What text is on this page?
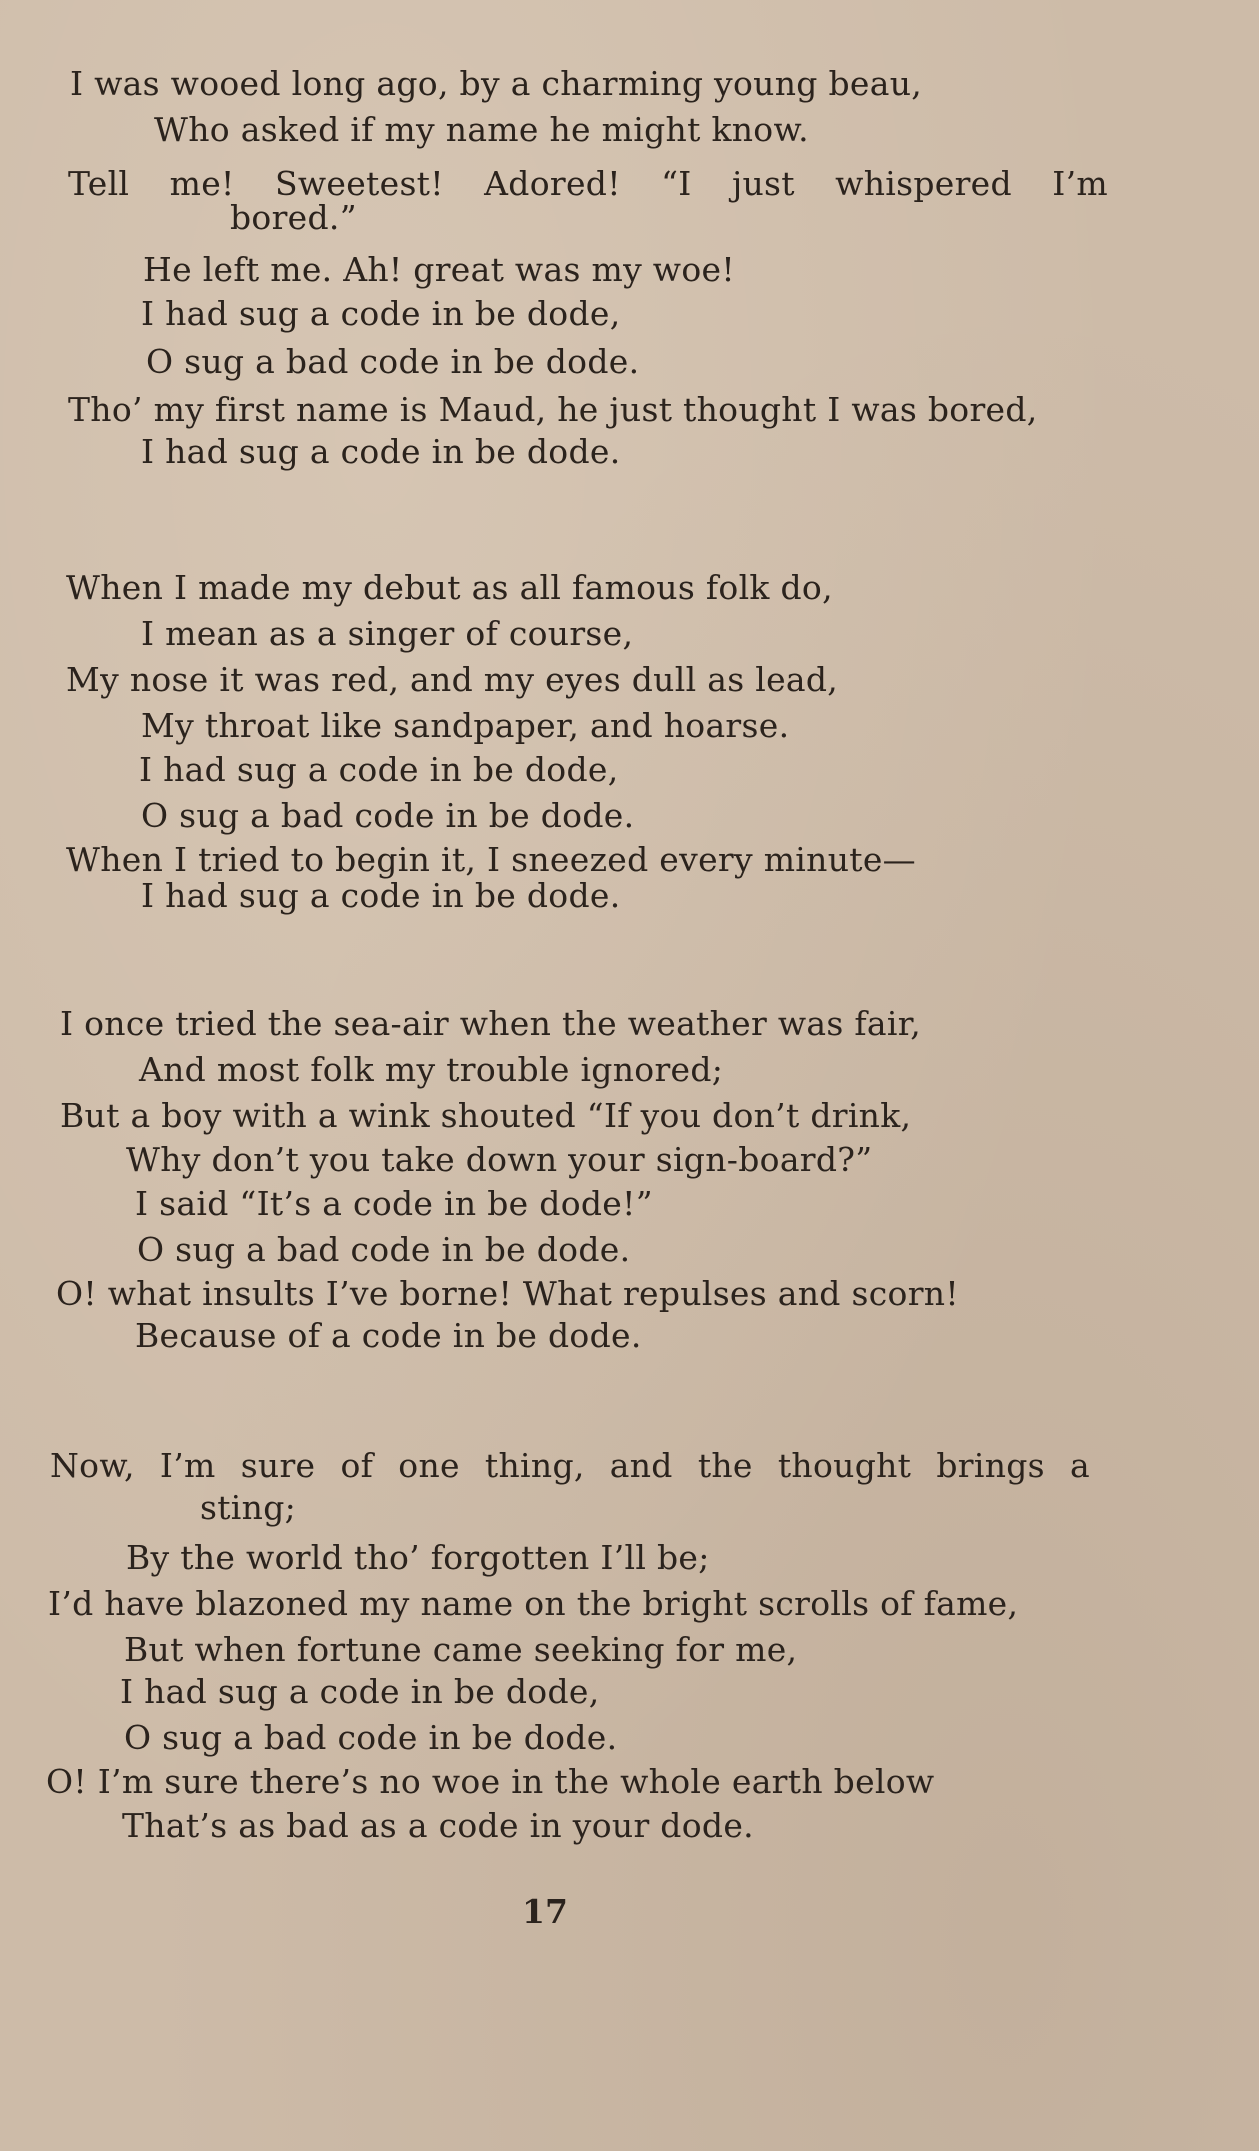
I was wooed long ago, by a charming young beau,
Who asked if my name he might know.
Tell me! Sweetest! Adored! “I just whispered I’m
bored.”
He left me. Ah! great was my woe!
I had sug a code in be dode,
O sug a bad code in be dode.
Tho’ my first name is Maud, he just thought I was bored,
I had sug a code in be dode.
When I made my debut as all famous folk do,
I mean as a singer of course,
My nose it was red, and my eyes dull as lead,
My throat like sandpaper, and hoarse.
I had sug a code in be dode,
O sug a bad code in be dode.
When I tried to begin it, I sneezed every minute—
I had sug a code in be dode.
I once tried the sea-air when the weather was fair,
And most folk my trouble ignored;
But a boy with a wink shouted “If you don’t drink,
Why don’t you take down your sign-board?”
I said “It’s a code in be dode!”
O sug a bad code in be dode.
O! what insults I’ve borne! What repulses and scorn!
Because of a code in be dode.
Now, I’m sure of one thing, and the thought brings a
sting;
By the world tho’ forgotten I’ll be;
I’d have blazoned my name on the bright scrolls of fame,
But when fortune came seeking for me,
I had sug a code in be dode,
O sug a bad code in be dode.
O! I’m sure there’s no woe in the whole earth below
That’s as bad as a code in your dode.
17
